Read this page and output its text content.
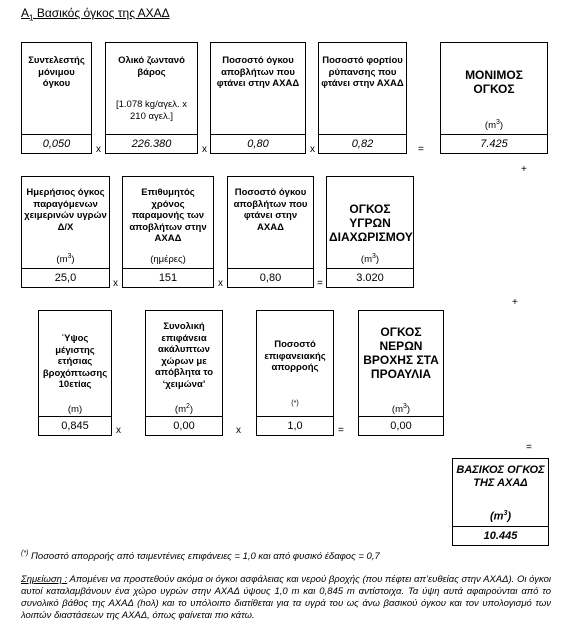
$A_1$ Βασικός όγκος της ΑΧΑΔ
Συντελεστής μόνιμου όγκου
0,050	x
Ολικό ζωντανό βάρος
[1.078 kg/αγελ. x 210 αγελ.]
226.380	x
Ποσοστό όγκου αποβλήτων που φτάνει στην ΑΧΑΔ
0,80	x
Ποσοστό φορτίου ρύπανσης που φτάνει στην ΑΧΑΔ
0,82	=
ΜΟΝΙΜΟΣ ΟΓΚΟΣ
$(m^3)$
7.425
+
Ημερήσιος όγκος παραγόμενων χειμερινών υγρών Δ/Χ
$(m^3)$
25,0	x
Επιθυμητός χρόνος παραμονής των αποβλήτων στην ΑΧΑΔ
(ημέρες)
151	x
Ποσοστό όγκου αποβλήτων που φτάνει στην ΑΧΑΔ
0,80	=
ΟΓΚΟΣ ΥΓΡΩΝ ΔΙΑΧΩΡΙΣΜΟΥ
$(m^3)$
3.020
+
Ύψος μέγιστης ετήσιας βροχόπτωσης 10ετίας
(m)
0,845	x
Συνολική επιφάνεια ακάλυπτων χώρων με απόβλητα το ‘χειμώνα’
$(m^2)$
0,00	x
Ποσοστό επιφανειακής απορροής
(*)
1,0	=
ΟΓΚΟΣ ΝΕΡΩΝ ΒΡΟΧΗΣ ΣΤΑ ΠΡΟΑΥΛΙΑ
$(m^3)$
0,00
=
ΒΑΣΙΚΟΣ ΟΓΚΟΣ ΤΗΣ ΑΧΑΔ
$(m^3)$
10.445
(*) Ποσοστό απορροής από τσιμεντένιες επιφάνειες = 1,0 και από φυσικό έδαφος = 0,7
Σημείωση : Απομένει να προστεθούν ακόμα οι όγκοι ασφάλειας και νερού βροχής (που πέφτει απ’ευθείας στην ΑΧΑΔ). Οι όγκοι αυτοί καταλαμβάνουν ένα χώρο υγρών στην ΑΧΑΔ ύψους 1,0 m και 0,845 m αντίστοιχα. Τα ύψη αυτά αφαιρούνται από το συνολικό βάθος της ΑΧΑΔ (hολ) και το υπόλοιπο διατίθεται για τα υγρά του ως άνω βασικού όγκου και τον υπολογισμό των λοιπών διαστάσεων της ΑΧΑΔ, όπως φαίνεται πιο κάτω.
